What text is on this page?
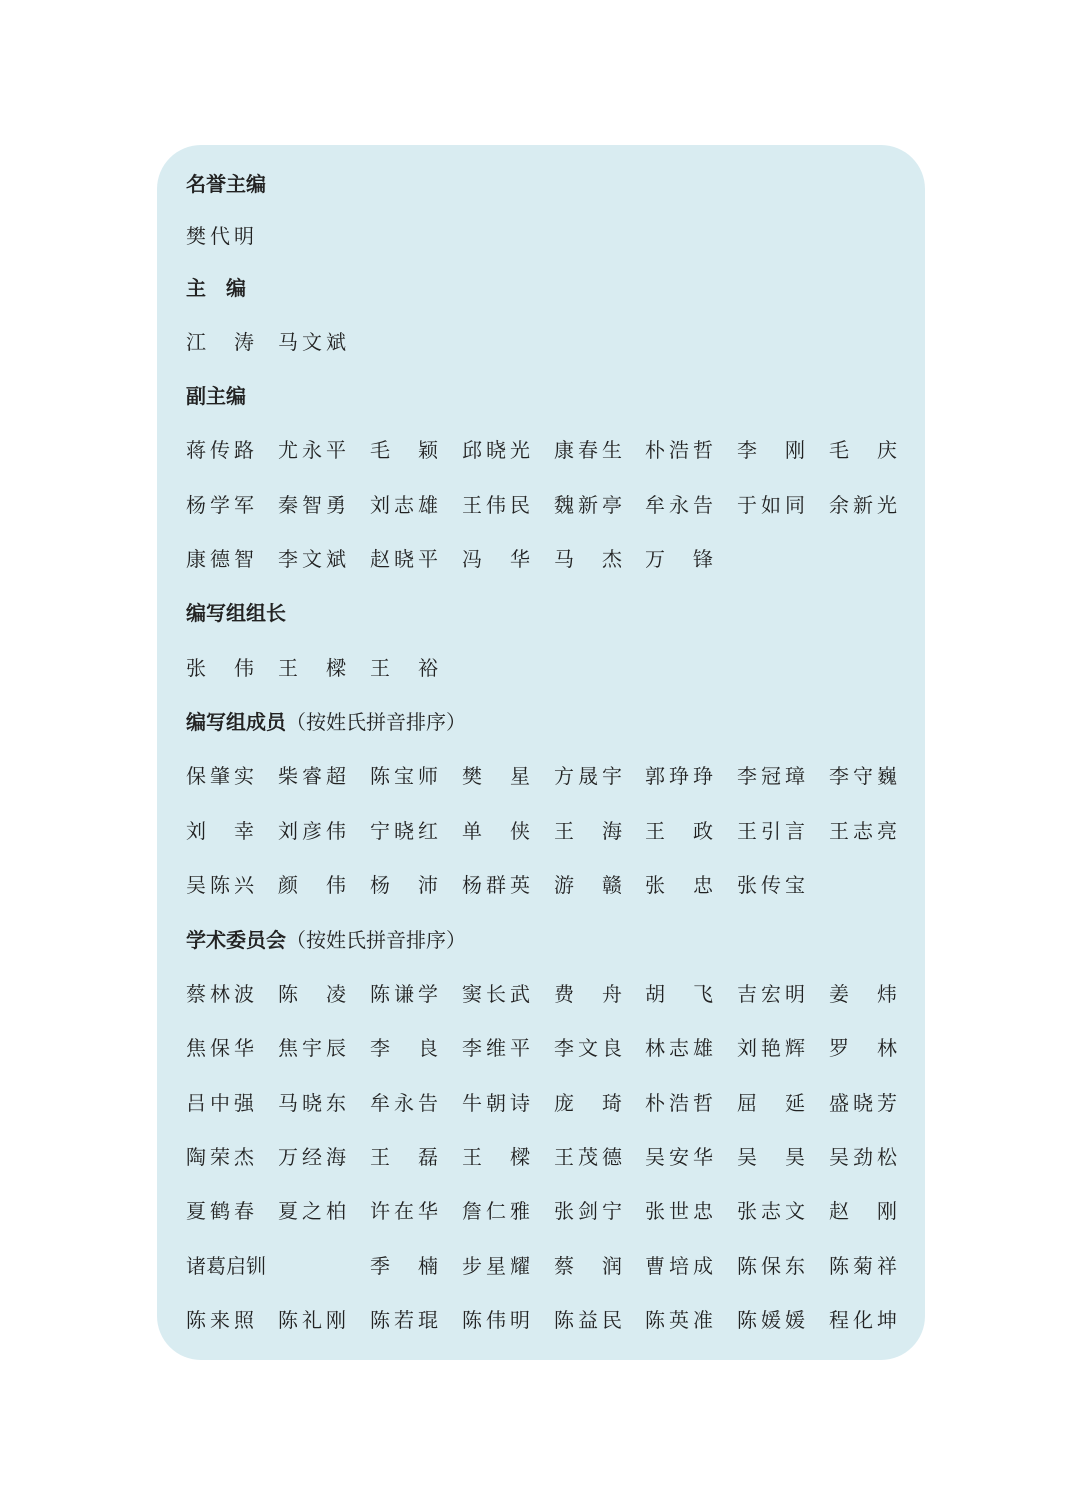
名誉主编
樊 代 明
主　编
江 涛 马 文 斌
副主编
蒋 传 路 尤 永 平 毛 颖 邱 晓 光 康 春 生 朴 浩 哲 李 刚 毛 庆
杨 学 军 秦 智 勇 刘 志 雄 王 伟 民 魏 新 亭 牟 永 告 于 如 同 余 新 光
康 德 智 李 文 斌 赵 晓 平 冯 华 马 杰 万 锋
编写组组长
张 伟 王 樑 王 裕
编写组成员（按姓氏拼音排序）
保 肇 实 柴 睿 超 陈 宝 师 樊 星 方 晟 宇 郭 琤 琤 李 冠 璋 李 守 巍
刘 幸 刘 彦 伟 宁 晓 红 单 侠 王 海 王 政 王 引 言 王 志 亮
吴 陈 兴 颜 伟 杨 沛 杨 群 英 游 赣 张 忠 张 传 宝
学术委员会（按姓氏拼音排序）
蔡 林 波 陈 凌 陈 谦 学 窦 长 武 费 舟 胡 飞 吉 宏 明 姜 炜
焦 保 华 焦 宇 辰 李 良 李 维 平 李 文 良 林 志 雄 刘 艳 辉 罗 林
吕 中 强 马 晓 东 牟 永 告 牛 朝 诗 庞 琦 朴 浩 哲 屈 延 盛 晓 芳
陶 荣 杰 万 经 海 王 磊 王 樑 王 茂 德 吴 安 华 吴 昊 吴 劲 松
夏 鹤 春 夏 之 柏 许 在 华 詹 仁 雅 张 剑 宁 张 世 忠 张 志 文 赵 刚
诸葛启钏	季 楠 步 星 耀 蔡 润 曹 培 成 陈 保 东 陈 菊 祥
陈 来 照 陈 礼 刚 陈 若 琨 陈 伟 明 陈 益 民 陈 英 准 陈 媛 媛 程 化 坤
